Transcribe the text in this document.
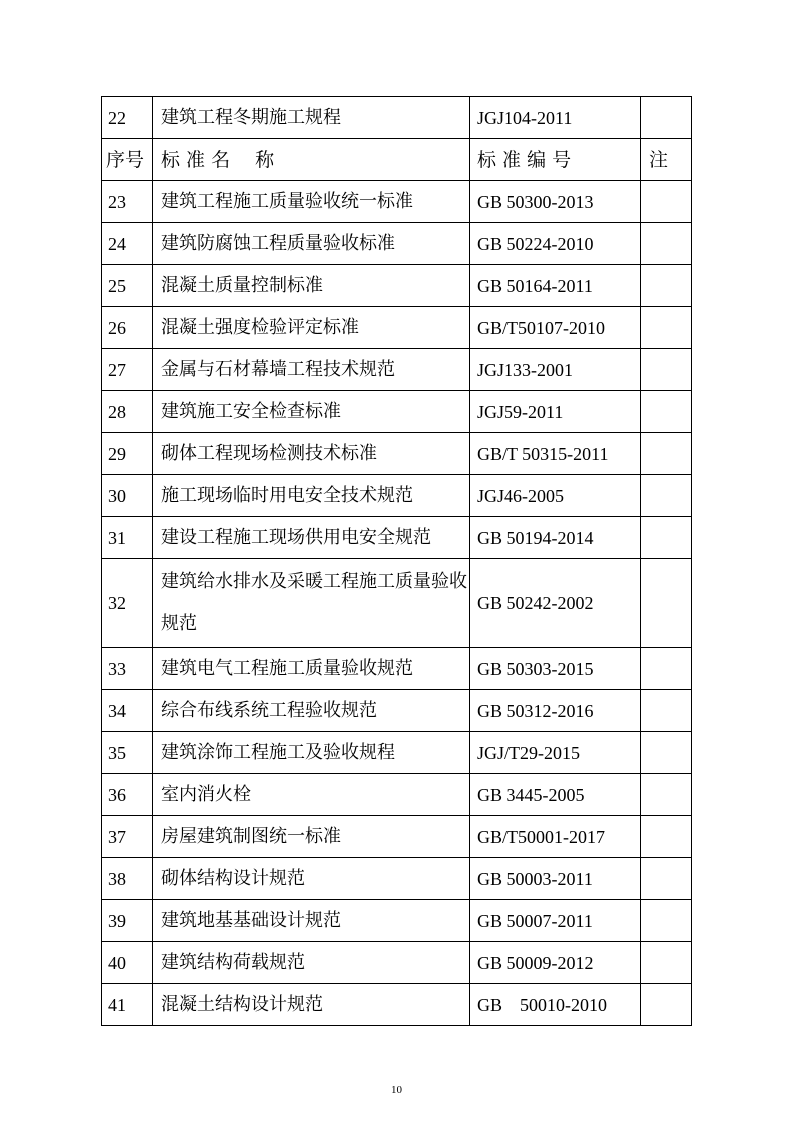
22	建筑工程冬期施工规程	JGJ104-2011	
序号	标 准 名　 称	标 准 编 号	注　
23	建筑工程施工质量验收统一标准	GB 50300-2013	
24	建筑防腐蚀工程质量验收标准	GB 50224-2010	
25	混凝土质量控制标准	GB 50164-2011	
26	混凝土强度检验评定标准	GB/T50107-2010	
27	金属与石材幕墙工程技术规范	JGJ133-2001	
28	建筑施工安全检查标准	JGJ59-2011	
29	砌体工程现场检测技术标准	GB/T 50315-2011	
30	施工现场临时用电安全技术规范	JGJ46-2005	
31	建设工程施工现场供用电安全规范	GB 50194-2014	
32	建筑给水排水及采暖工程施工质量验收规范	GB 50242-2002	
33	建筑电气工程施工质量验收规范	GB 50303-2015	
34	综合布线系统工程验收规范	GB 50312-2016	
35	建筑涂饰工程施工及验收规程	JGJ/T29-2015	
36	室内消火栓	GB 3445-2005	
37	房屋建筑制图统一标准	GB/T50001-2017	
38	砌体结构设计规范	GB 50003-2011	
39	建筑地基基础设计规范	GB 50007-2011	
40	建筑结构荷载规范	GB 50009-2012	
41	混凝土结构设计规范	GB　50010-2010	
10
